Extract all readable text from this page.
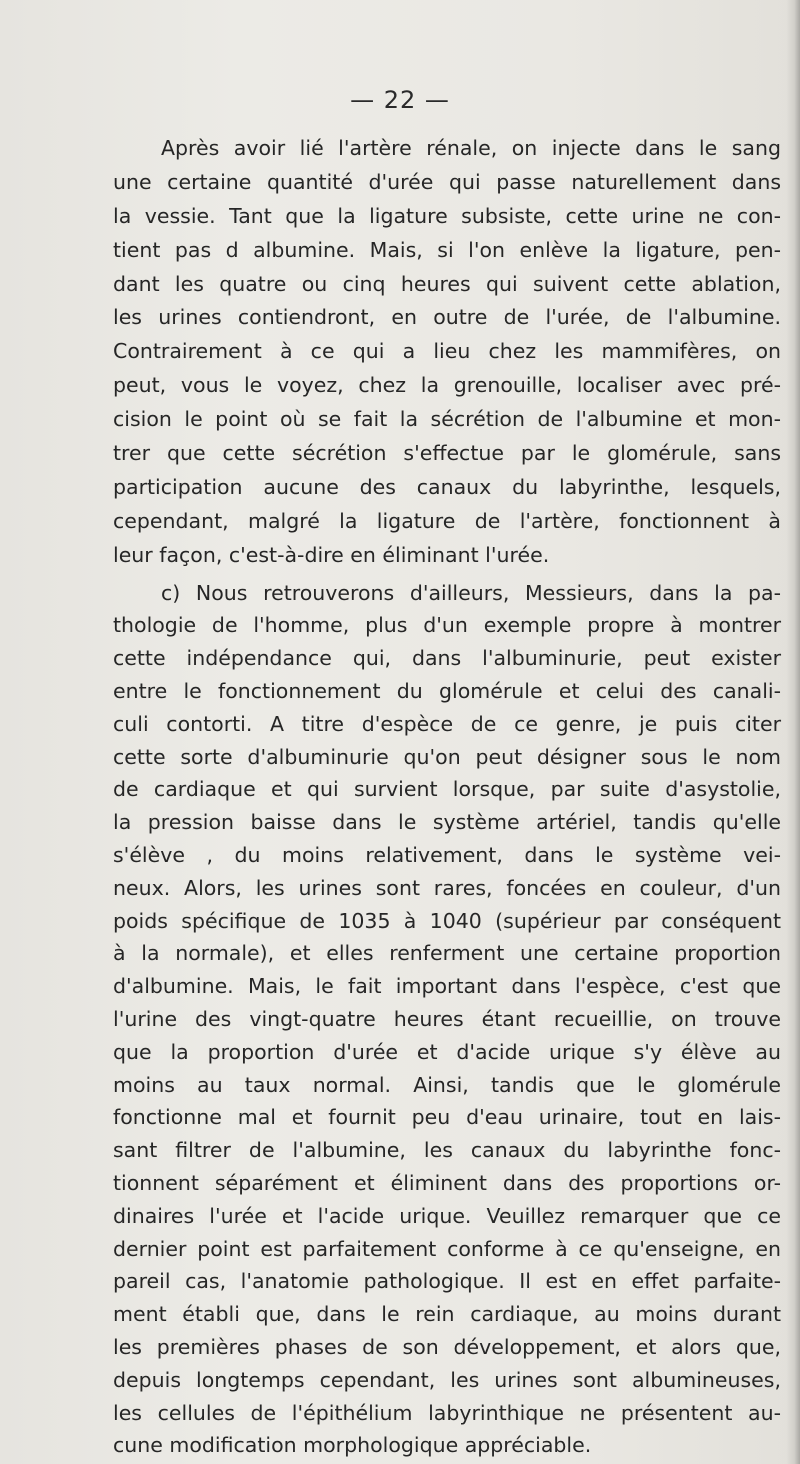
— 22 —
Après avoir lié l'artère rénale, on injecte dans le sang
une certaine quantité d'urée qui passe naturellement dans
la vessie. Tant que la ligature subsiste, cette urine ne con-
tient pas d albumine. Mais, si l'on enlève la ligature, pen-
dant les quatre ou cinq heures qui suivent cette ablation,
les urines contiendront, en outre de l'urée, de l'albumine.
Contrairement à ce qui a lieu chez les mammifères, on
peut, vous le voyez, chez la grenouille, localiser avec pré-
cision le point où se fait la sécrétion de l'albumine et mon-
trer que cette sécrétion s'effectue par le glomérule, sans
participation aucune des canaux du labyrinthe, lesquels,
cependant, malgré la ligature de l'artère, fonctionnent à
leur façon, c'est-à-dire en éliminant l'urée.
c) Nous retrouverons d'ailleurs, Messieurs, dans la pa-
thologie de l'homme, plus d'un exemple propre à montrer
cette indépendance qui, dans l'albuminurie, peut exister
entre le fonctionnement du glomérule et celui des canali-
culi contorti. A titre d'espèce de ce genre, je puis citer
cette sorte d'albuminurie qu'on peut désigner sous le nom
de cardiaque et qui survient lorsque, par suite d'asystolie,
la pression baisse dans le système artériel, tandis qu'elle
s'élève , du moins relativement, dans le système vei-
neux. Alors, les urines sont rares, foncées en couleur, d'un
poids spécifique de 1035 à 1040 (supérieur par conséquent
à la normale), et elles renferment une certaine proportion
d'albumine. Mais, le fait important dans l'espèce, c'est que
l'urine des vingt-quatre heures étant recueillie, on trouve
que la proportion d'urée et d'acide urique s'y élève au
moins au taux normal. Ainsi, tandis que le glomérule
fonctionne mal et fournit peu d'eau urinaire, tout en lais-
sant filtrer de l'albumine, les canaux du labyrinthe fonc-
tionnent séparément et éliminent dans des proportions or-
dinaires l'urée et l'acide urique. Veuillez remarquer que ce
dernier point est parfaitement conforme à ce qu'enseigne, en
pareil cas, l'anatomie pathologique. Il est en effet parfaite-
ment établi que, dans le rein cardiaque, au moins durant
les premières phases de son développement, et alors que,
depuis longtemps cependant, les urines sont albumineuses,
les cellules de l'épithélium labyrinthique ne présentent au-
cune modification morphologique appréciable.
